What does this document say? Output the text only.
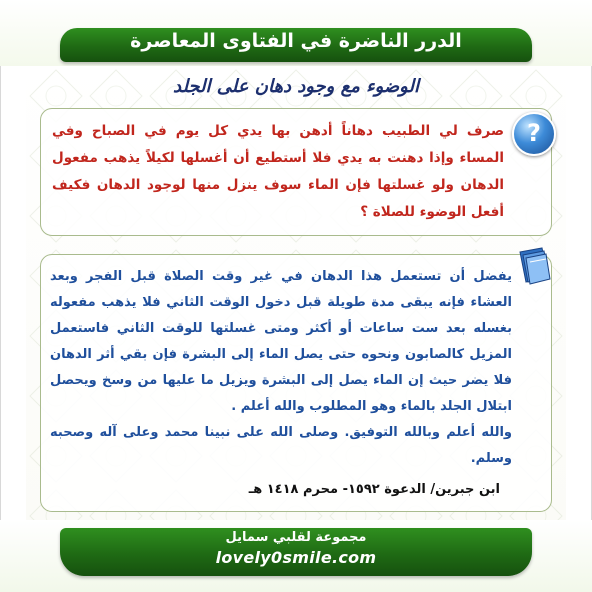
الدرر الناضرة في الفتاوى المعاصرة
الوضوء مع وجود دهان على الجلد
?
صرف لي الطبيب دهاناً أدهن بها يدي كل يوم في الصباح وفي المساء وإذا دهنت به يدي فلا أستطيع أن أغسلها لكيلاً يذهب مفعول الدهان ولو غسلتها فإن الماء سوف ينزل منها لوجود الدهان فكيف أفعل الوضوء للصلاة ؟

يفضل أن تستعمل هذا الدهان في غير وقت الصلاة قبل الفجر وبعد العشاء فإنه يبقى مدة طويلة قبل دخول الوقت الثاني فلا يذهب مفعوله بغسله بعد ست ساعات أو أكثر ومتى غسلتها للوقت الثاني فاستعمل المزيل كالصابون ونحوه حتى يصل الماء إلى البشرة فإن بقي أثر الدهان فلا يضر حيث إن الماء يصل إلى البشرة ويزيل ما عليها من وسخ ويحصل ابتلال الجلد بالماء وهو المطلوب والله أعلم .

والله أعلم وبالله التوفيق. وصلى الله على نبينا محمد وعلى آله وصحبه وسلم.

ابن جبرين/ الدعوة ١٥٩٢- محرم ١٤١٨ هـ
مجموعة لقلبي سمايل
lovely0smile.com
